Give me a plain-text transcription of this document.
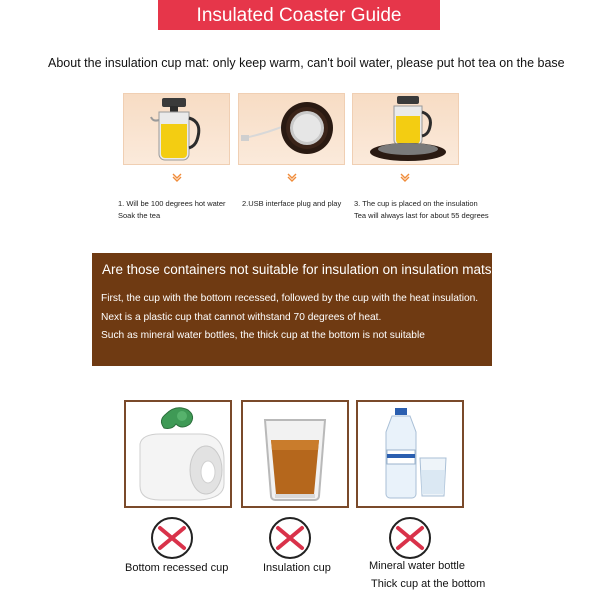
Insulated Coaster Guide
About the insulation cup mat: only keep warm, can't boil water, please put hot tea on the base
1. Will be 100 degrees hot water
Soak the tea
2.USB interface plug and play 3. The cup is placed on the insulation
Tea will always last for about 55 degrees
Are those containers not suitable for insulation on insulation mats?
First, the cup with the bottom recessed, followed by the cup with the heat insulation.
Next is a plastic cup that cannot withstand 70 degrees of heat.
Such as mineral water bottles, the thick cup at the bottom is not suitable
Bottom recessed cup	Insulation cup	Mineral water bottle
Thick cup at the bottom
